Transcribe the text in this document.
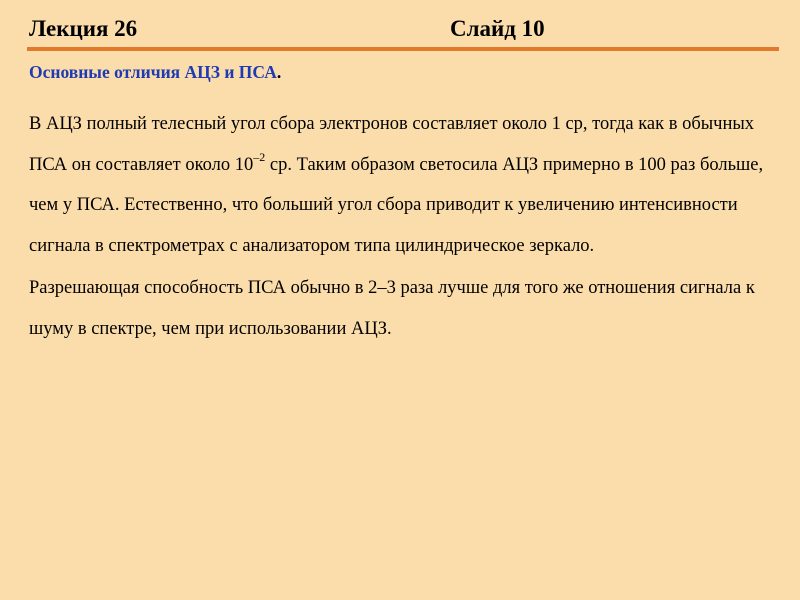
Лекция 26	Слайд 10
Основные отличия АЦЗ и ПСА.

В АЦЗ полный телесный угол сбора электронов составляет около 1 ср, тогда как в обычных ПСА он составляет около $10^{-2}$ ср. Таким образом светосила АЦЗ примерно в 100 раз больше, чем у ПСА. Естественно, что больший угол сбора приводит к увеличению интенсивности сигнала в спектрометрах с анализатором типа цилиндрическое зеркало.

Разрешающая способность ПСА обычно в 2–3 раза лучше для того же отношения сигнала к шуму в спектре, чем при использовании АЦЗ.
